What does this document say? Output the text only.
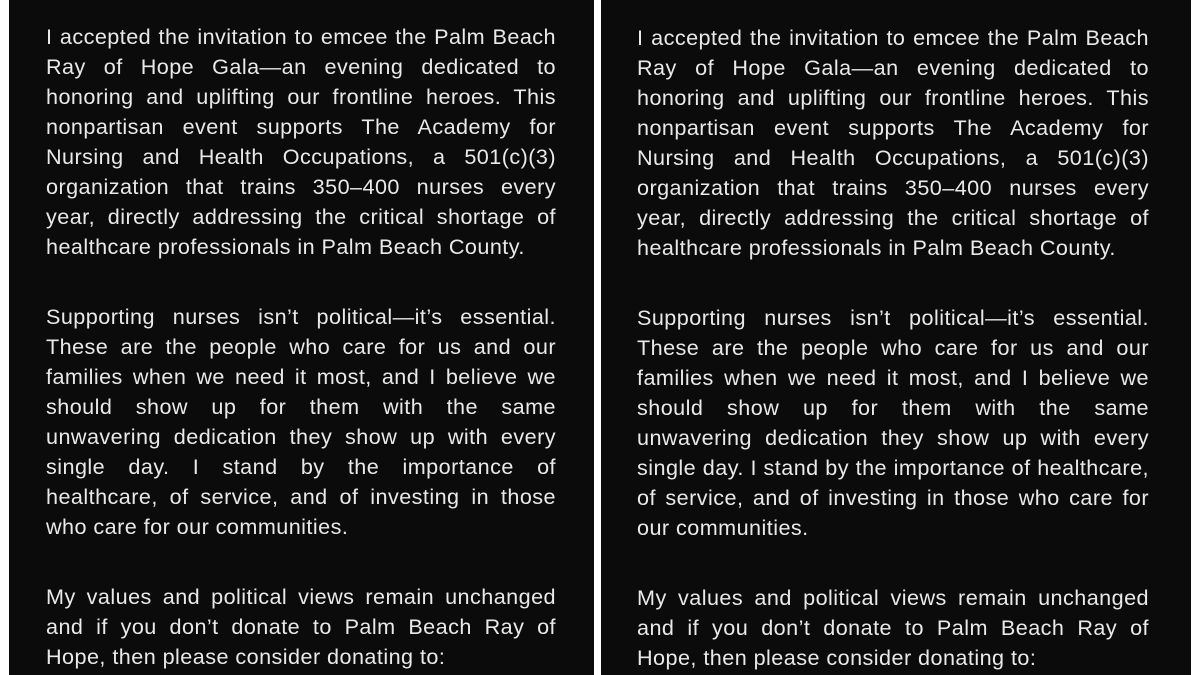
I accepted the invitation to emcee the Palm Beach Ray of Hope Gala—an evening dedicated to honoring and uplifting our frontline heroes. This nonpartisan event supports The Academy for Nursing and Health Occupations, a 501(c)(3) organization that trains 350–400 nurses every year, directly addressing the critical shortage of healthcare professionals in Palm Beach County.

Supporting nurses isn’t political—it’s essential. These are the people who care for us and our families when we need it most, and I believe we should show up for them with the same unwavering dedication they show up with every single day. I stand by the importance of healthcare, of service, and of investing in those who care for our communities.

My values and political views remain unchanged and if you don’t donate to Palm Beach Ray of Hope, then please consider donating to:

I accepted the invitation to emcee the Palm Beach Ray of Hope Gala—an evening dedicated to honoring and uplifting our frontline heroes. This nonpartisan event supports The Academy for Nursing and Health Occupations, a 501(c)(3) organization that trains 350–400 nurses every year, directly addressing the critical shortage of healthcare professionals in Palm Beach County.

Supporting nurses isn’t political—it’s essential. These are the people who care for us and our families when we need it most, and I believe we should show up for them with the same unwavering dedication they show up with every single day. I stand by the importance of healthcare, of service, and of investing in those who care for our communities.

My values and political views remain unchanged and if you don’t donate to Palm Beach Ray of Hope, then please consider donating to:
